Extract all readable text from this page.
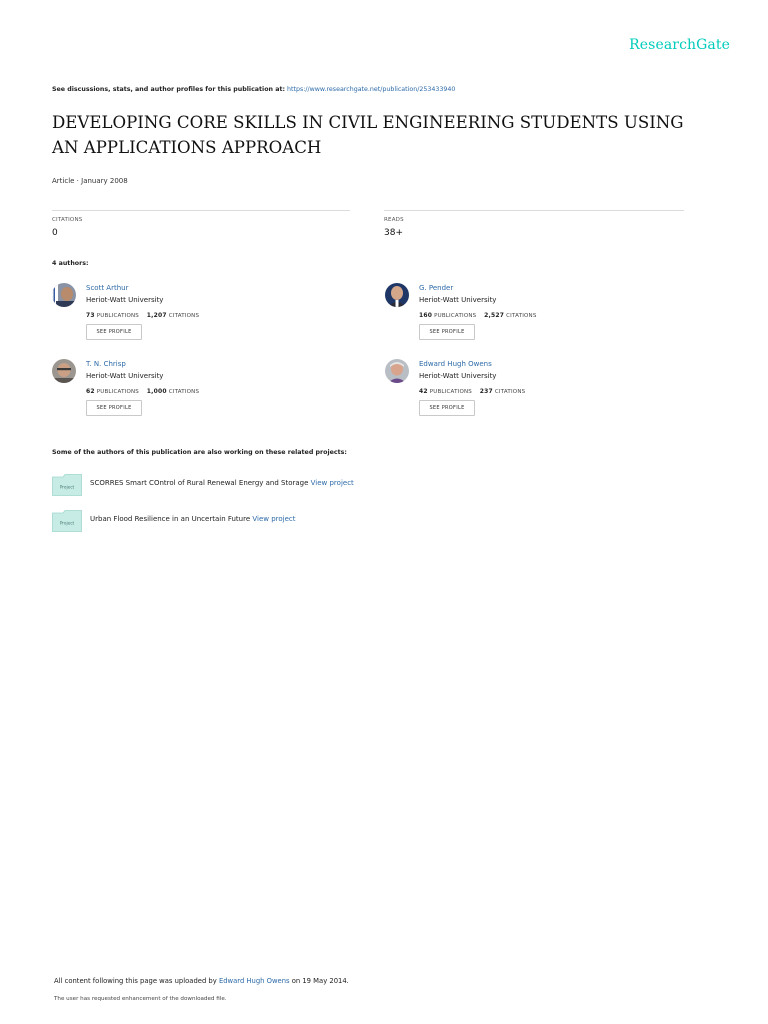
ResearchGate
See discussions, stats, and author profiles for this publication at: https://www.researchgate.net/publication/253433940
DEVELOPING CORE SKILLS IN CIVIL ENGINEERING STUDENTS USING AN APPLICATIONS APPROACH
Article · January 2008
CITATIONS
0
READS
38+
4 authors:
Scott Arthur
Heriot-Watt University
73 PUBLICATIONS 1,207 CITATIONS
SEE PROFILE
G. Pender
Heriot-Watt University
160 PUBLICATIONS 2,527 CITATIONS
SEE PROFILE
T. N. Chrisp
Heriot-Watt University
62 PUBLICATIONS 1,000 CITATIONS
SEE PROFILE
Edward Hugh Owens
Heriot-Watt University
42 PUBLICATIONS 237 CITATIONS
SEE PROFILE
Some of the authors of this publication are also working on these related projects:
Project SCORRES Smart COntrol of Rural Renewal Energy and Storage View project
Project Urban Flood Resilience in an Uncertain Future View project
All content following this page was uploaded by Edward Hugh Owens on 19 May 2014.
The user has requested enhancement of the downloaded file.
